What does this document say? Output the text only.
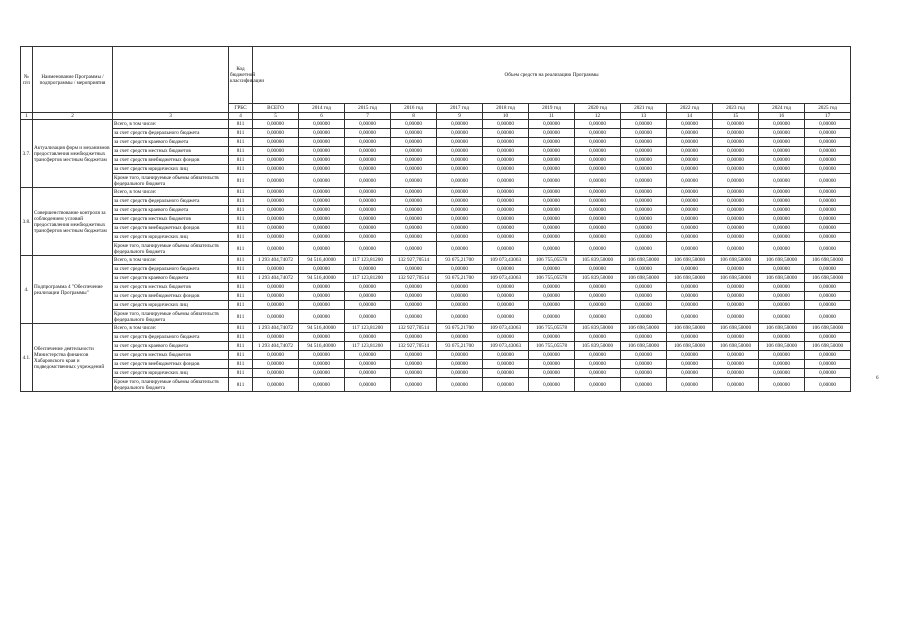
№ п/п	Наименование Программы / подпрограммы / мероприятия		Код бюджетной классификации	Объем средств на реализацию Программы												
			ГРБС	ВСЕГО	2014 год	2015 год	2016 год	2017 год	2018 год	2019 год	2020 год	2021 год	2022 год	2023 год	2024 год	2025 год
1	2	3	4	5	6	7	8	9	10	11	12	13	14	15	16	17
3.7.	Актуализация форм и механизмов предоставления межбюджетных трансфертов местным бюджетам	Всего, в том числе:	811	0,00000	0,00000	0,00000	0,00000	0,00000	0,00000	0,00000	0,00000	0,00000	0,00000	0,00000	0,00000	0,00000
		за счет средств федерального бюджета	811	0,00000	0,00000	0,00000	0,00000	0,00000	0,00000	0,00000	0,00000	0,00000	0,00000	0,00000	0,00000	0,00000
		за счет средств краевого бюджета	811	0,00000	0,00000	0,00000	0,00000	0,00000	0,00000	0,00000	0,00000	0,00000	0,00000	0,00000	0,00000	0,00000
		за счет средств местных бюджетов	811	0,00000	0,00000	0,00000	0,00000	0,00000	0,00000	0,00000	0,00000	0,00000	0,00000	0,00000	0,00000	0,00000
		за счет средств внебюджетных фондов	811	0,00000	0,00000	0,00000	0,00000	0,00000	0,00000	0,00000	0,00000	0,00000	0,00000	0,00000	0,00000	0,00000
		за счет средств юридических лиц	811	0,00000	0,00000	0,00000	0,00000	0,00000	0,00000	0,00000	0,00000	0,00000	0,00000	0,00000	0,00000	0,00000
		Кроме того, планируемые объемы обязательств федерального бюджета	811	0,00000	0,00000	0,00000	0,00000	0,00000	0,00000	0,00000	0,00000	0,00000	0,00000	0,00000	0,00000	0,00000
3.8.	Совершенствование контроля за соблюдением условий предоставления межбюджетных трансфертов местным бюджетам	Всего, в том числе:	811	0,00000	0,00000	0,00000	0,00000	0,00000	0,00000	0,00000	0,00000	0,00000	0,00000	0,00000	0,00000	0,00000
		за счет средств федерального бюджета	811	0,00000	0,00000	0,00000	0,00000	0,00000	0,00000	0,00000	0,00000	0,00000	0,00000	0,00000	0,00000	0,00000
		за счет средств краевого бюджета	811	0,00000	0,00000	0,00000	0,00000	0,00000	0,00000	0,00000	0,00000	0,00000	0,00000	0,00000	0,00000	0,00000
		за счет средств местных бюджетов	811	0,00000	0,00000	0,00000	0,00000	0,00000	0,00000	0,00000	0,00000	0,00000	0,00000	0,00000	0,00000	0,00000
		за счет средств внебюджетных фондов	811	0,00000	0,00000	0,00000	0,00000	0,00000	0,00000	0,00000	0,00000	0,00000	0,00000	0,00000	0,00000	0,00000
		за счет средств юридических лиц	811	0,00000	0,00000	0,00000	0,00000	0,00000	0,00000	0,00000	0,00000	0,00000	0,00000	0,00000	0,00000	0,00000
		Кроме того, планируемые объемы обязательств федерального бюджета	811	0,00000	0,00000	0,00000	0,00000	0,00000	0,00000	0,00000	0,00000	0,00000	0,00000	0,00000	0,00000	0,00000
4.	Подпрограмма 4 "Обеспечение реализации Программы"	Всего, в том числе:	811	1 293 404,74072	94 516,40000	117 123,81200	132 927,70514	93 675,21700	109 073,43063	106 755,05578	105 839,50000	106 698,50000	106 698,50000	106 698,50000	106 698,50000	106 698,50000
		за счет средств федерального бюджета	811	0,00000	0,00000	0,00000	0,00000	0,00000	0,00000	0,00000	0,00000	0,00000	0,00000	0,00000	0,00000	0,00000
		за счет средств краевого бюджета	811	1 293 404,74072	94 516,40000	117 123,81200	132 927,70514	93 675,21700	109 073,43063	106 755,05578	105 839,50000	106 698,50000	106 698,50000	106 698,50000	106 698,50000	106 698,50000
		за счет средств местных бюджетов	811	0,00000	0,00000	0,00000	0,00000	0,00000	0,00000	0,00000	0,00000	0,00000	0,00000	0,00000	0,00000	0,00000
		за счет средств внебюджетных фондов	811	0,00000	0,00000	0,00000	0,00000	0,00000	0,00000	0,00000	0,00000	0,00000	0,00000	0,00000	0,00000	0,00000
		за счет средств юридических лиц	811	0,00000	0,00000	0,00000	0,00000	0,00000	0,00000	0,00000	0,00000	0,00000	0,00000	0,00000	0,00000	0,00000
		Кроме того, планируемые объемы обязательств федерального бюджета	811	0,00000	0,00000	0,00000	0,00000	0,00000	0,00000	0,00000	0,00000	0,00000	0,00000	0,00000	0,00000	0,00000
4.1.	Обеспечение деятельности Министерства финансов Хабаровского края и подведомственных учреждений	Всего, в том числе:	811	1 293 404,74072	94 516,40000	117 123,81200	132 927,70514	93 675,21700	109 073,43063	106 755,05578	105 839,50000	106 698,50000	106 698,50000	106 698,50000	106 698,50000	106 698,50000
		за счет средств федерального бюджета	811	0,00000	0,00000	0,00000	0,00000	0,00000	0,00000	0,00000	0,00000	0,00000	0,00000	0,00000	0,00000	0,00000
		за счет средств краевого бюджета	811	1 293 404,74072	94 516,40000	117 123,81200	132 927,70514	93 675,21700	109 073,43063	106 755,05578	105 839,50000	106 698,50000	106 698,50000	106 698,50000	106 698,50000	106 698,50000
		за счет средств местных бюджетов	811	0,00000	0,00000	0,00000	0,00000	0,00000	0,00000	0,00000	0,00000	0,00000	0,00000	0,00000	0,00000	0,00000
		за счет средств внебюджетных фондов	811	0,00000	0,00000	0,00000	0,00000	0,00000	0,00000	0,00000	0,00000	0,00000	0,00000	0,00000	0,00000	0,00000
		за счет средств юридических лиц	811	0,00000	0,00000	0,00000	0,00000	0,00000	0,00000	0,00000	0,00000	0,00000	0,00000	0,00000	0,00000	0,00000
		Кроме того, планируемые объемы обязательств федерального бюджета	811	0,00000	0,00000	0,00000	0,00000	0,00000	0,00000	0,00000	0,00000	0,00000	0,00000	0,00000	0,00000	0,00000
6
